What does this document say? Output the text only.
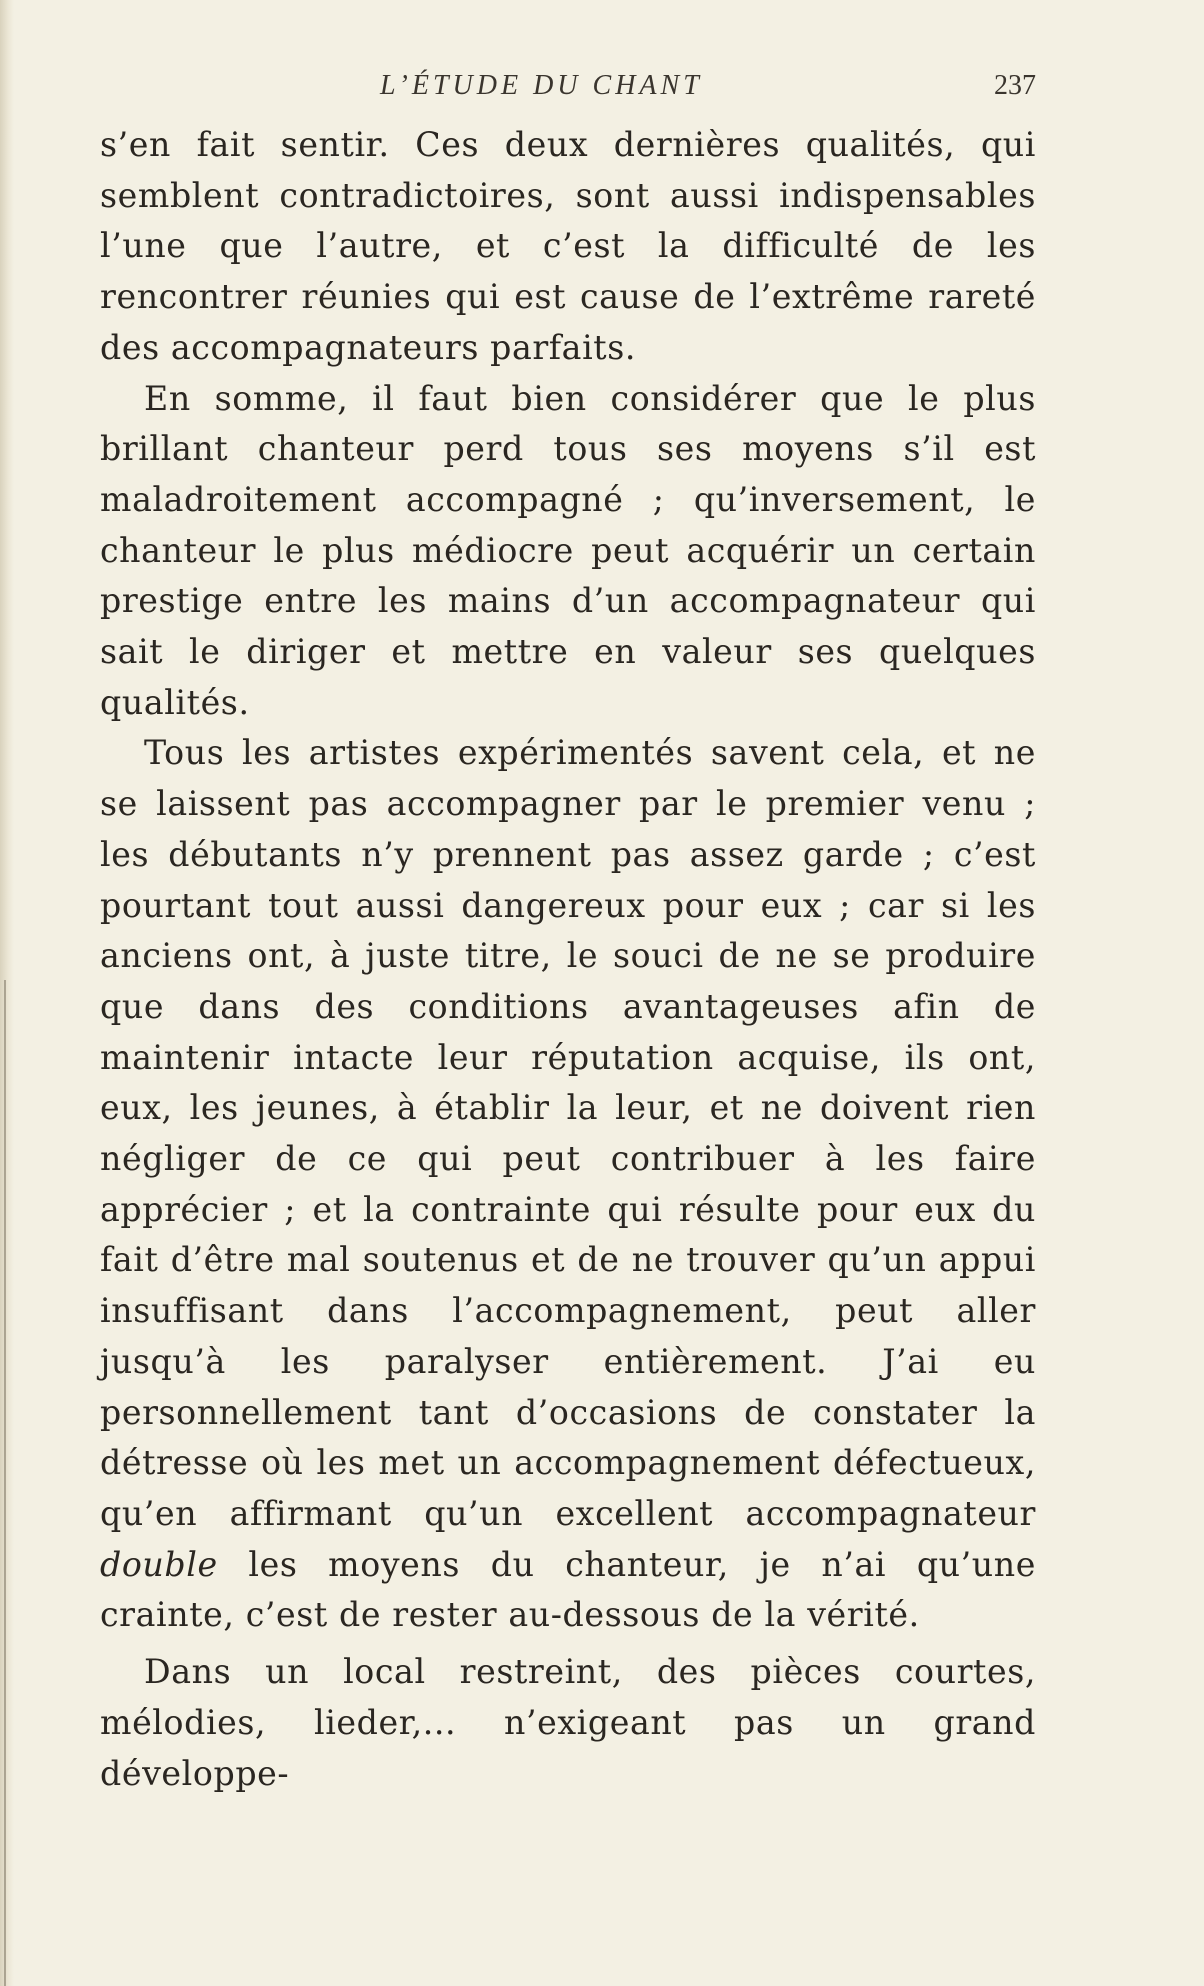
L’ÉTUDE DU CHANT	237

s’en fait sentir. Ces deux dernières qualités, qui semblent contradictoires, sont aussi indispensables l’une que l’autre, et c’est la difficulté de les rencontrer réunies qui est cause de l’extrême rareté des accompagnateurs parfaits.

En somme, il faut bien considérer que le plus brillant chanteur perd tous ses moyens s’il est maladroitement accompagné ; qu’inversement, le chanteur le plus médiocre peut acquérir un certain prestige entre les mains d’un accompagnateur qui sait le diriger et mettre en valeur ses quelques qualités.

Tous les artistes expérimentés savent cela, et ne se laissent pas accompagner par le premier venu ; les débutants n’y prennent pas assez garde ; c’est pourtant tout aussi dangereux pour eux ; car si les anciens ont, à juste titre, le souci de ne se produire que dans des conditions avantageuses afin de maintenir intacte leur réputation acquise, ils ont, eux, les jeunes, à établir la leur, et ne doivent rien négliger de ce qui peut contribuer à les faire apprécier ; et la contrainte qui résulte pour eux du fait d’être mal soutenus et de ne trouver qu’un appui insuffisant dans l’accompagnement, peut aller jusqu’à les paralyser entièrement. J’ai eu personnellement tant d’occasions de constater la détresse où les met un accompagnement défectueux, qu’en affirmant qu’un excellent accompagnateur double les moyens du chanteur, je n’ai qu’une crainte, c’est de rester au-dessous de la vérité.

Dans un local restreint, des pièces courtes, mélodies, lieder,... n’exigeant pas un grand développe-
